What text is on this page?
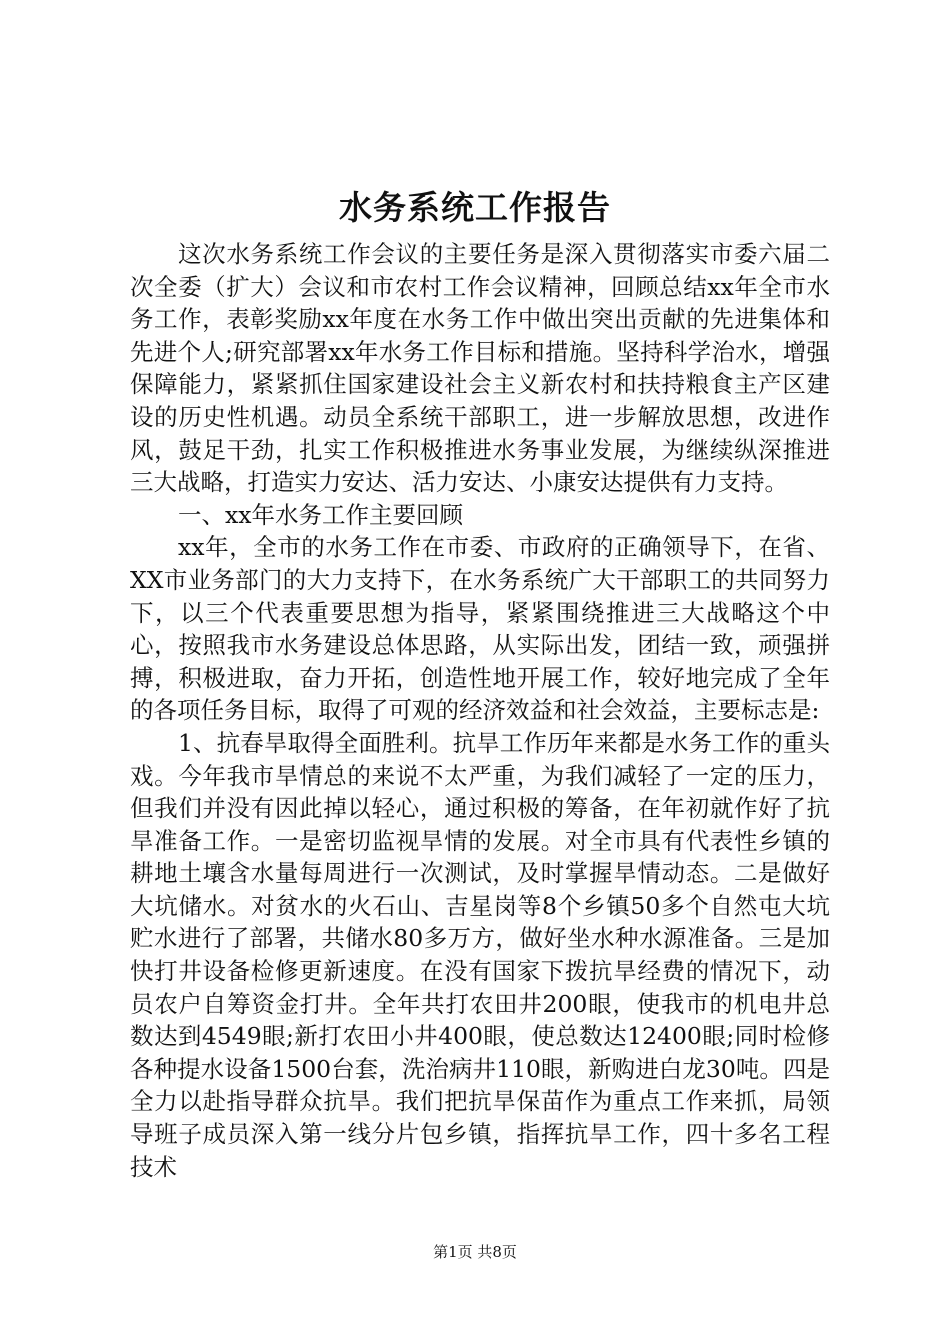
水务系统工作报告

这次水务系统工作会议的主要任务是深入贯彻落实市委六届二次全委（扩大）会议和市农村工作会议精神，回顾总结xx年全市水务工作，表彰奖励xx年度在水务工作中做出突出贡献的先进集体和先进个人;研究部署xx年水务工作目标和措施。坚持科学治水，增强保障能力，紧紧抓住国家建设社会主义新农村和扶持粮食主产区建设的历史性机遇。动员全系统干部职工，进一步解放思想，改进作风，鼓足干劲，扎实工作积极推进水务事业发展，为继续纵深推进三大战略，打造实力安达、活力安达、小康安达提供有力支持。

一、xx年水务工作主要回顾

xx年，全市的水务工作在市委、市政府的正确领导下，在省、XX市业务部门的大力支持下，在水务系统广大干部职工的共同努力下，以三个代表重要思想为指导，紧紧围绕推进三大战略这个中心，按照我市水务建设总体思路，从实际出发，团结一致，顽强拼搏，积极进取，奋力开拓，创造性地开展工作，较好地完成了全年的各项任务目标，取得了可观的经济效益和社会效益，主要标志是:

1、抗春旱取得全面胜利。抗旱工作历年来都是水务工作的重头戏。今年我市旱情总的来说不太严重，为我们减轻了一定的压力，但我们并没有因此掉以轻心，通过积极的筹备，在年初就作好了抗旱准备工作。一是密切监视旱情的发展。对全市具有代表性乡镇的耕地土壤含水量每周进行一次测试，及时掌握旱情动态。二是做好大坑储水。对贫水的火石山、吉星岗等8个乡镇50多个自然屯大坑贮水进行了部署，共储水80多万方，做好坐水种水源准备。三是加快打井设备检修更新速度。在没有国家下拨抗旱经费的情况下，动员农户自筹资金打井。全年共打农田井200眼，使我市的机电井总数达到4549眼;新打农田小井400眼，使总数达12400眼;同时检修各种提水设备1500台套，洗治病井110眼，新购进白龙30吨。四是全力以赴指导群众抗旱。我们把抗旱保苗作为重点工作来抓，局领导班子成员深入第一线分片包乡镇，指挥抗旱工作，四十多名工程技术

第1页 共8页
